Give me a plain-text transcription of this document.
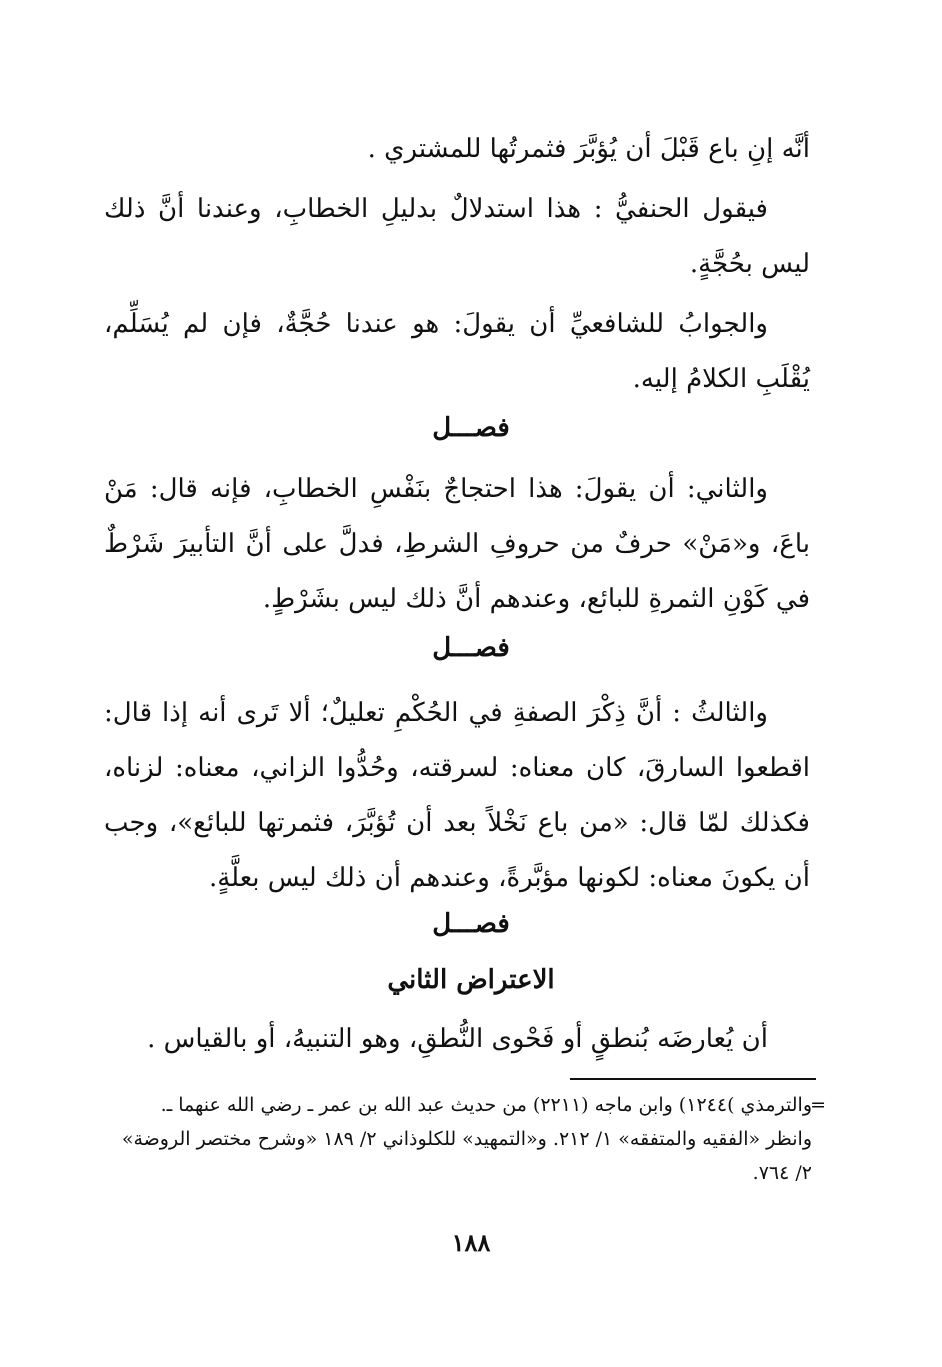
أنَّه إنِ باع قَبْلَ أن يُؤبَّرَ فثمرتُها للمشتري .
فيقول الحنفيُّ : هذا استدلالٌ بدليلِ الخطابِ، وعندنا أنَّ ذلك ليس بحُجَّةٍ.
والجوابُ للشافعيِّ أن يقولَ: هو عندنا حُجَّةٌ، فإن لم يُسَلِّم، يُقْلَبِ الكلامُ إليه.
فصـــل
والثاني: أن يقولَ: هذا احتجاجٌ بنَفْسِ الخطابِ، فإنه قال: مَنْ باعَ، و«مَنْ» حرفٌ من حروفِ الشرطِ، فدلَّ على أنَّ التأبيرَ شَرْطٌ في كَوْنِ الثمرةِ للبائع، وعندهم أنَّ ذلك ليس بشَرْطٍ.
فصـــل
والثالثُ : أنَّ ذِكْرَ الصفةِ في الحُكْمِ تعليلٌ؛ ألا تَرى أنه إذا قال: اقطعوا السارقَ، كان معناه: لسرقته، وحُدُّوا الزاني، معناه: لزناه، فكذلك لمّا قال: «من باع نَخْلاً بعد أن تُؤبَّرَ، فثمرتها للبائع»، وجب أن يكونَ معناه: لكونها مؤبَّرةً، وعندهم أن ذلك ليس بعلَّةٍ.
فصـــل
الاعتراض الثاني
أن يُعارضَه بُنطقٍ أو فَحْوى النُّطقِ، وهو التنبيهُ، أو بالقياس .
=
والترمذي )١٢٤٤) وابن ماجه (٢٢١١) من حديث عبد الله بن عمر ـ رضي الله عنهما ـ. وانظر «الفقيه والمتفقه» ١/ ٢١٢. و«التمهيد» للكلوذاني ٢/ ١٨٩ «وشرح مختصر الروضة» ٢/ ٧٦٤.
١٨٨
